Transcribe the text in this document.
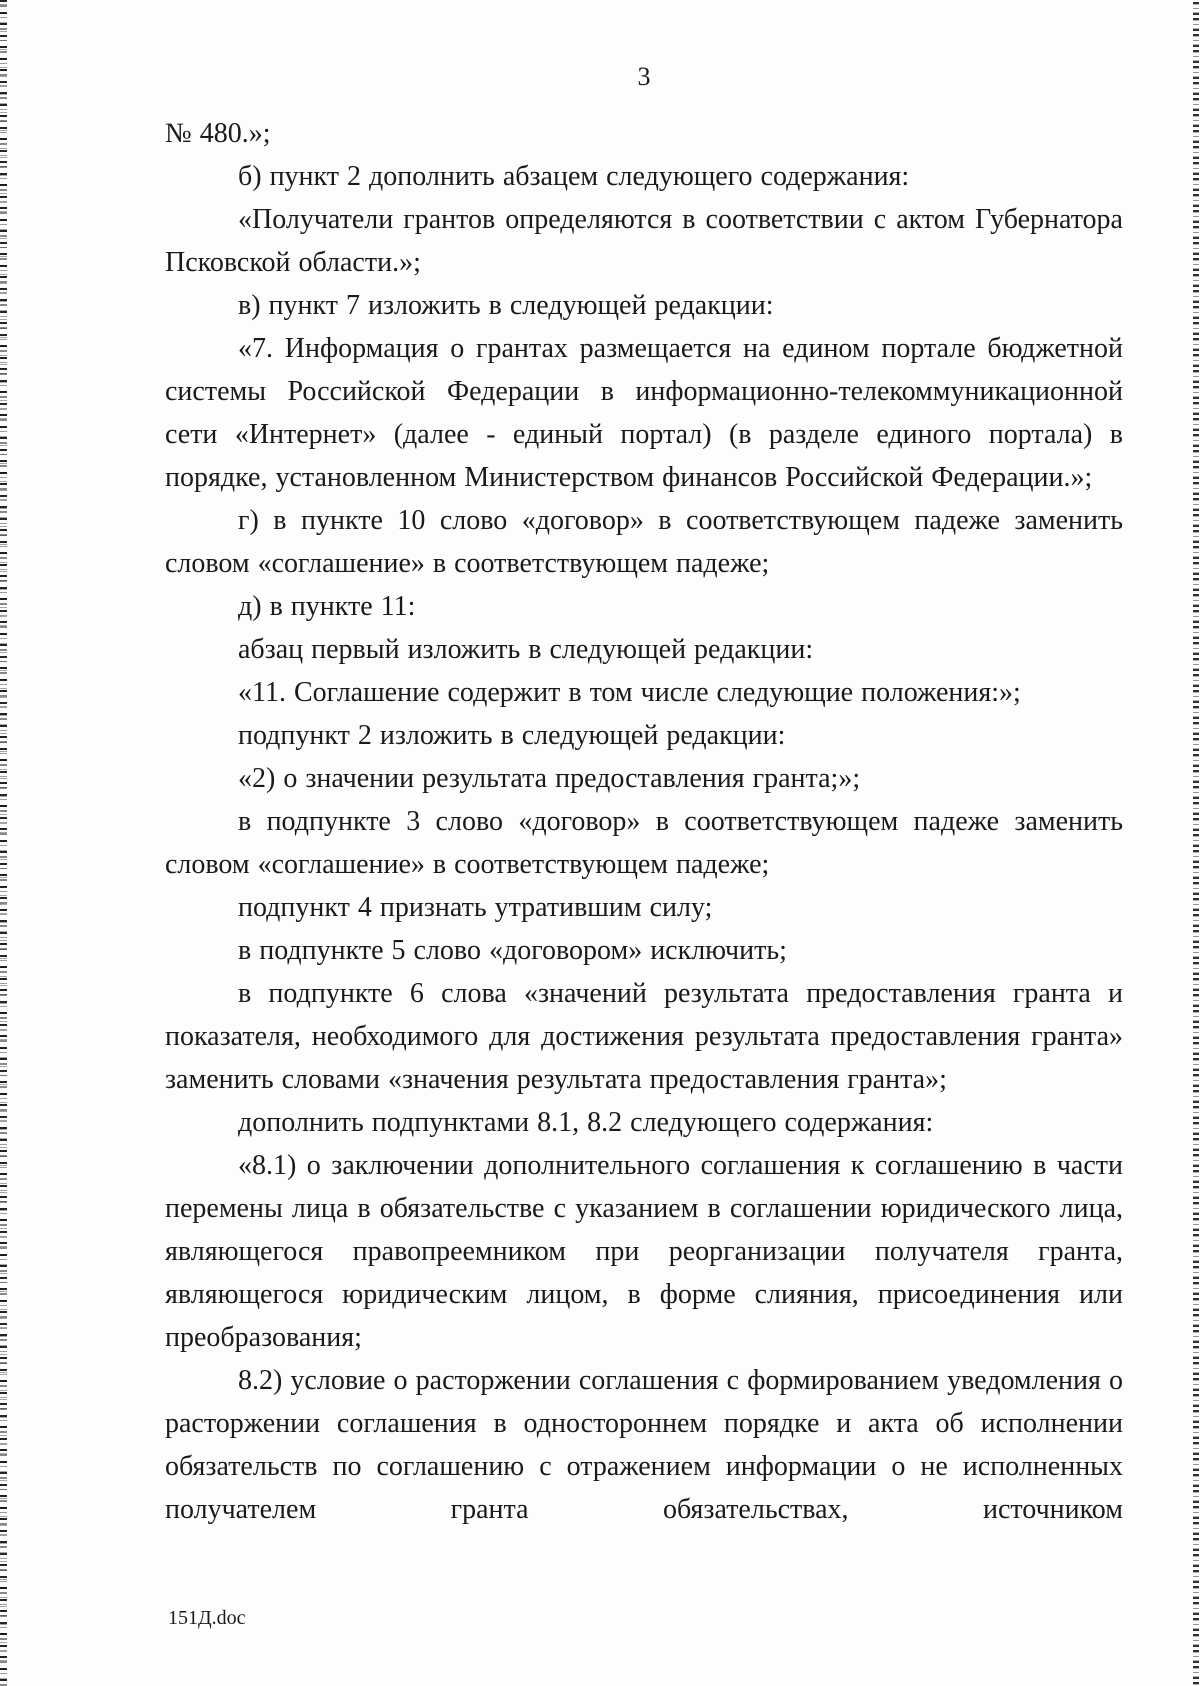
3

№ 480.»;

б) пункт 2 дополнить абзацем следующего содержания:

«Получатели грантов определяются в соответствии с актом Губернатора Псковской области.»;

в) пункт 7 изложить в следующей редакции:

«7. Информация о грантах размещается на едином портале бюджетной системы Российской Федерации в информационно-телекоммуникационной сети «Интернет» (далее - единый портал) (в разделе единого портала) в порядке, установленном Министерством финансов Российской Федерации.»;

г) в пункте 10 слово «договор» в соответствующем падеже заменить словом «соглашение» в соответствующем падеже;

д) в пункте 11:

абзац первый изложить в следующей редакции:

«11. Соглашение содержит в том числе следующие положения:»;

подпункт 2 изложить в следующей редакции:

«2) о значении результата предоставления гранта;»;

в подпункте 3 слово «договор» в соответствующем падеже заменить словом «соглашение» в соответствующем падеже;

подпункт 4 признать утратившим силу;

в подпункте 5 слово «договором» исключить;

в подпункте 6 слова «значений результата предоставления гранта и показателя, необходимого для достижения результата предоставления гранта» заменить словами «значения результата предоставления гранта»;

дополнить подпунктами 8.1, 8.2 следующего содержания:

«8.1) о заключении дополнительного соглашения к соглашению в части перемены лица в обязательстве с указанием в соглашении юридического лица, являющегося правопреемником при реорганизации получателя гранта, являющегося юридическим лицом, в форме слияния, присоединения или преобразования;

8.2) условие о расторжении соглашения с формированием уведомления о расторжении соглашения в одностороннем порядке и акта об исполнении обязательств по соглашению с отражением информации о не исполненных получателем гранта обязательствах, источником

151Д.doc
